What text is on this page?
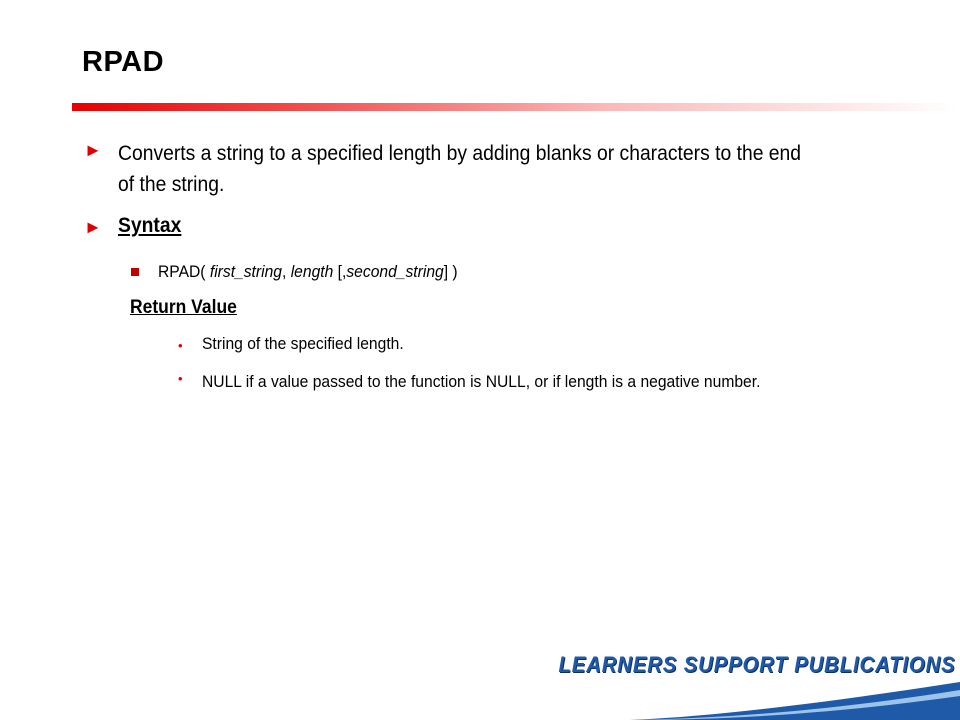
RPAD
► Converts a string to a specified length by adding blanks or characters to the end of the string.
► Syntax
RPAD( first_string, length [,second_string] )
Return Value
• String of the specified length.
• NULL if a value passed to the function is NULL, or if length is a negative number.
LEARNERS SUPPORT PUBLICATIONS
